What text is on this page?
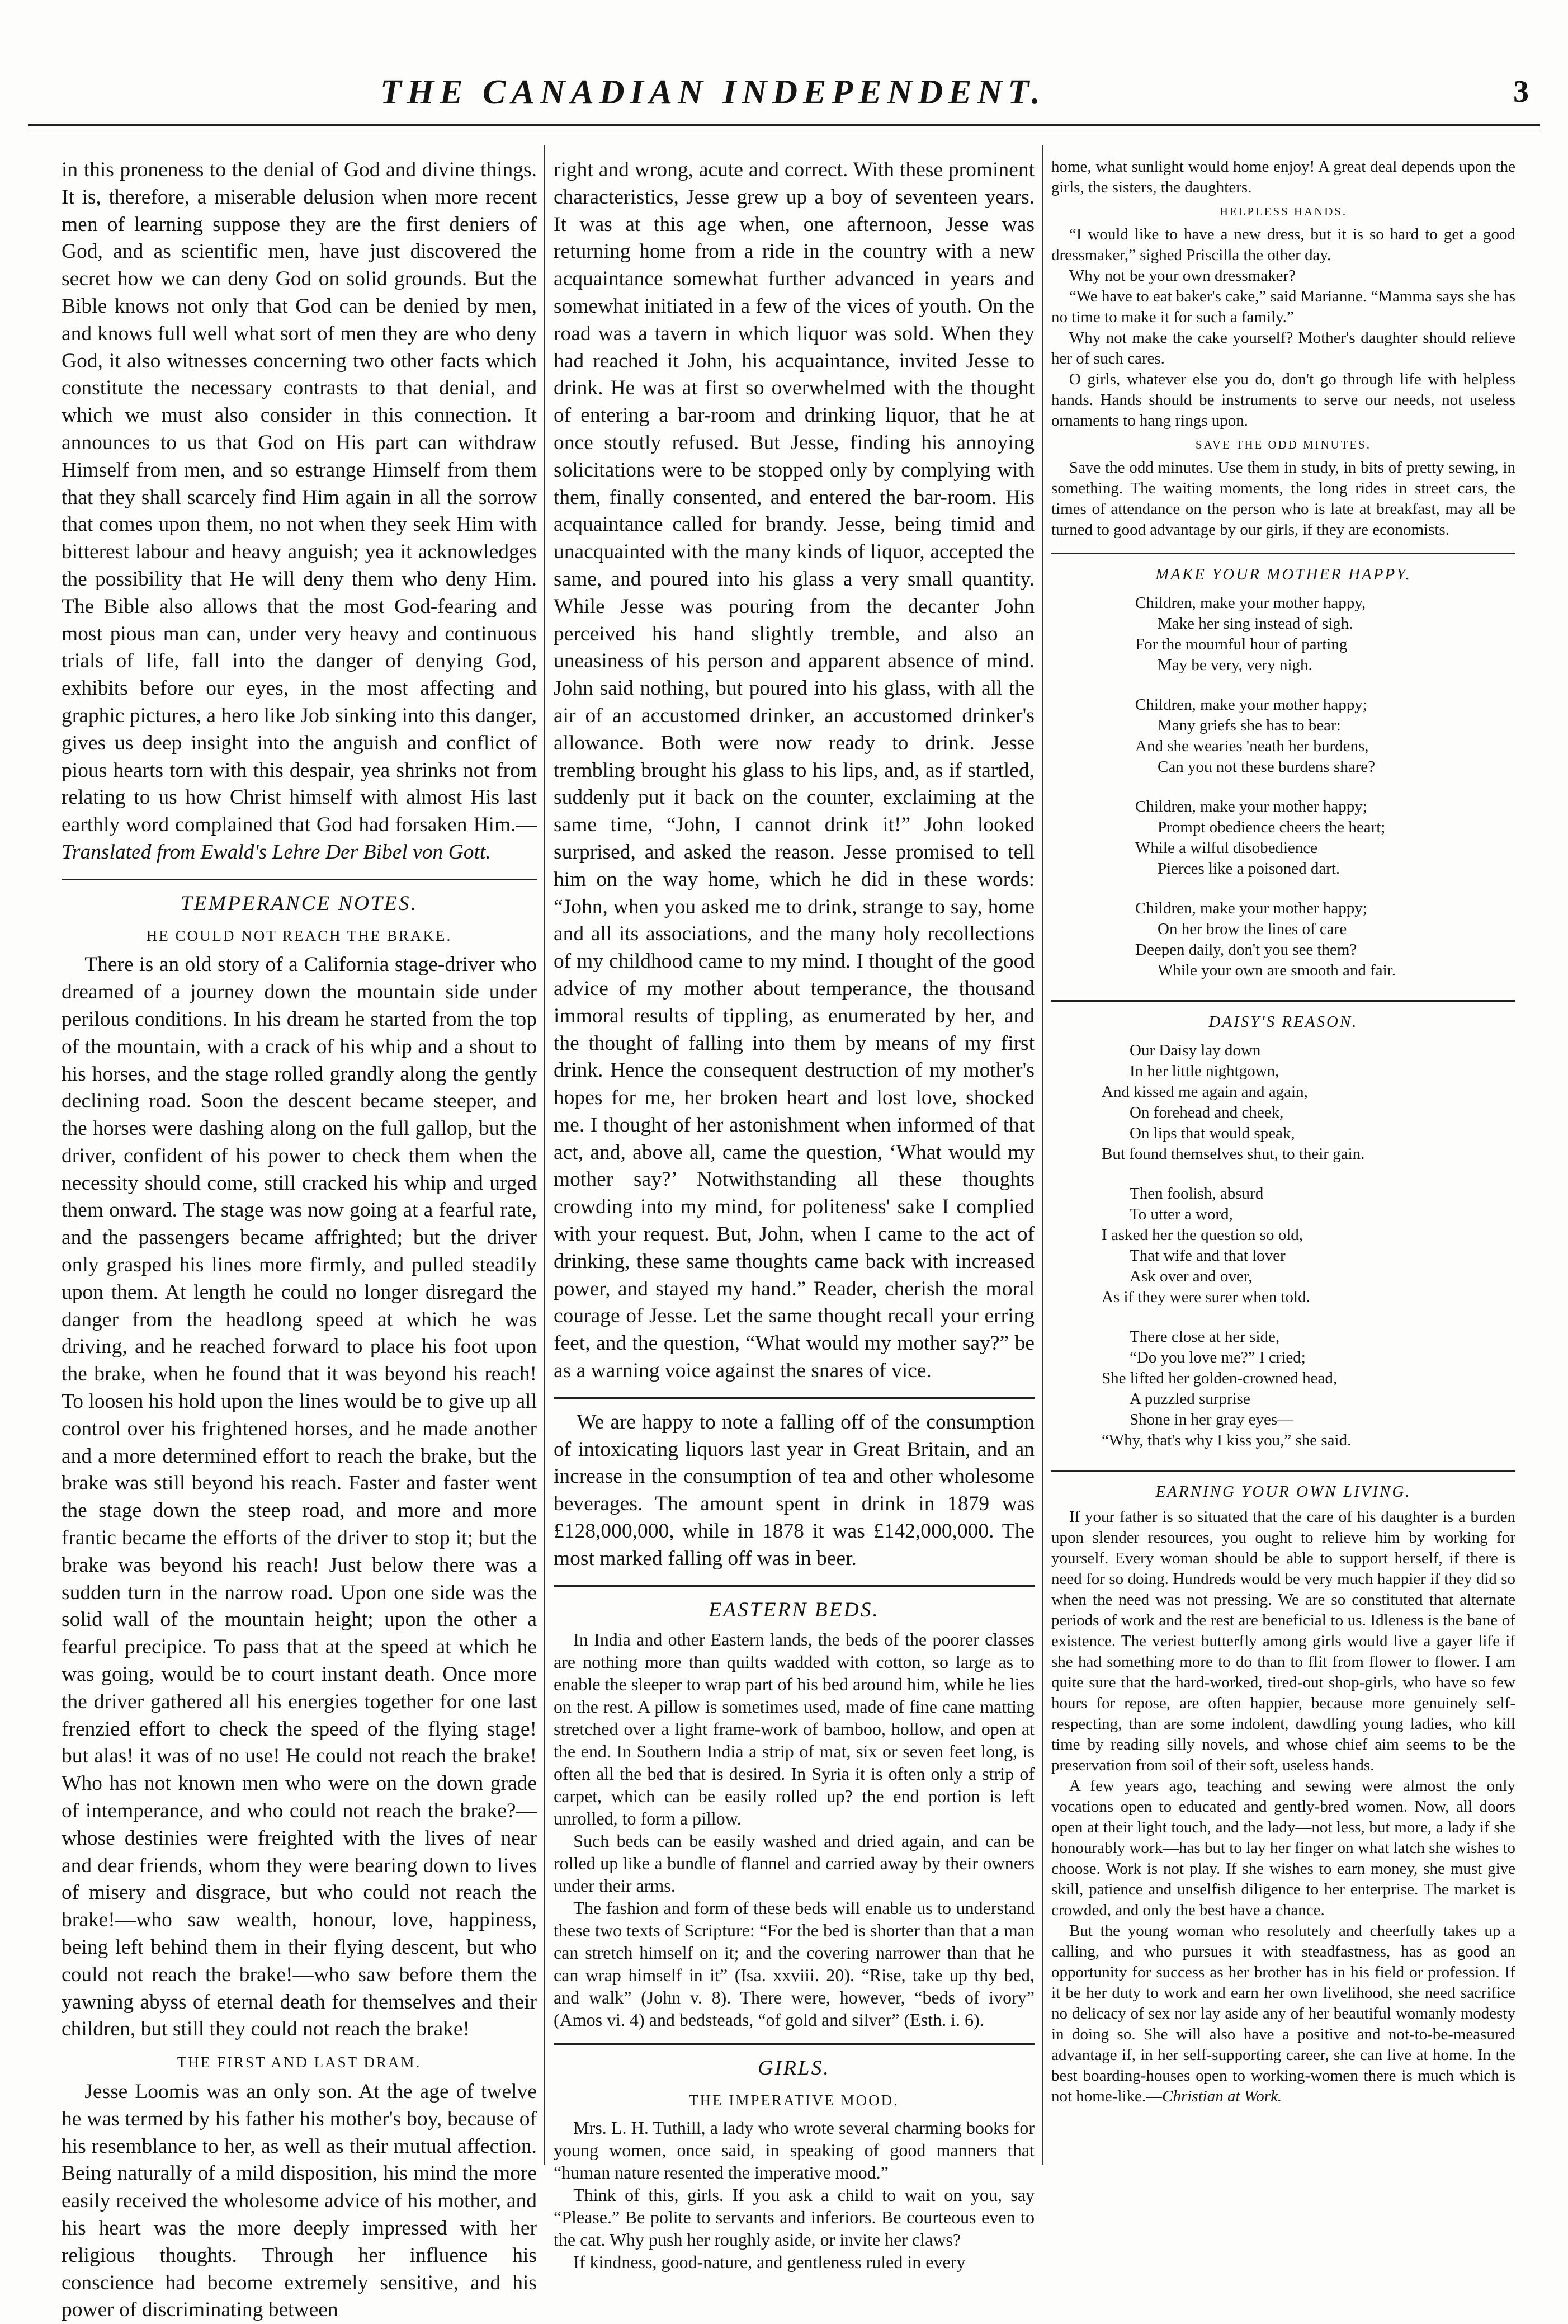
THE CANADIAN INDEPENDENT.	3

in this proneness to the denial of God and divine things. It is, therefore, a miserable delusion when more recent men of learning suppose they are the first deniers of God, and as scientific men, have just discovered the secret how we can deny God on solid grounds. But the Bible knows not only that God can be denied by men, and knows full well what sort of men they are who deny God, it also witnesses concerning two other facts which constitute the necessary contrasts to that denial, and which we must also consider in this connection. It announces to us that God on His part can withdraw Himself from men, and so estrange Himself from them that they shall scarcely find Him again in all the sorrow that comes upon them, no not when they seek Him with bitterest labour and heavy anguish; yea it acknowledges the possibility that He will deny them who deny Him. The Bible also allows that the most God-fearing and most pious man can, under very heavy and continuous trials of life, fall into the danger of denying God, exhibits before our eyes, in the most affecting and graphic pictures, a hero like Job sinking into this danger, gives us deep insight into the anguish and conflict of pious hearts torn with this despair, yea shrinks not from relating to us how Christ himself with almost His last earthly word complained that God had forsaken Him.—Translated from Ewald's Lehre Der Bibel von Gott.

TEMPERANCE NOTES.
HE COULD NOT REACH THE BRAKE.

There is an old story of a California stage-driver who dreamed of a journey down the mountain side under perilous conditions. In his dream he started from the top of the mountain, with a crack of his whip and a shout to his horses, and the stage rolled grandly along the gently declining road. Soon the descent became steeper, and the horses were dashing along on the full gallop, but the driver, confident of his power to check them when the necessity should come, still cracked his whip and urged them onward. The stage was now going at a fearful rate, and the passengers became affrighted; but the driver only grasped his lines more firmly, and pulled steadily upon them. At length he could no longer disregard the danger from the headlong speed at which he was driving, and he reached forward to place his foot upon the brake, when he found that it was beyond his reach! To loosen his hold upon the lines would be to give up all control over his frightened horses, and he made another and a more determined effort to reach the brake, but the brake was still beyond his reach. Faster and faster went the stage down the steep road, and more and more frantic became the efforts of the driver to stop it; but the brake was beyond his reach! Just below there was a sudden turn in the narrow road. Upon one side was the solid wall of the mountain height; upon the other a fearful precipice. To pass that at the speed at which he was going, would be to court instant death. Once more the driver gathered all his energies together for one last frenzied effort to check the speed of the flying stage! but alas! it was of no use! He could not reach the brake! Who has not known men who were on the down grade of intemperance, and who could not reach the brake?—whose destinies were freighted with the lives of near and dear friends, whom they were bearing down to lives of misery and disgrace, but who could not reach the brake!—who saw wealth, honour, love, happiness, being left behind them in their flying descent, but who could not reach the brake!—who saw before them the yawning abyss of eternal death for themselves and their children, but still they could not reach the brake!

THE FIRST AND LAST DRAM.

Jesse Loomis was an only son. At the age of twelve he was termed by his father his mother's boy, because of his resemblance to her, as well as their mutual affection. Being naturally of a mild disposition, his mind the more easily received the wholesome advice of his mother, and his heart was the more deeply impressed with her religious thoughts. Through her influence his conscience had become extremely sensitive, and his power of discriminating between

right and wrong, acute and correct. With these prominent characteristics, Jesse grew up a boy of seventeen years. It was at this age when, one afternoon, Jesse was returning home from a ride in the country with a new acquaintance somewhat further advanced in years and somewhat initiated in a few of the vices of youth. On the road was a tavern in which liquor was sold. When they had reached it John, his acquaintance, invited Jesse to drink. He was at first so overwhelmed with the thought of entering a bar-room and drinking liquor, that he at once stoutly refused. But Jesse, finding his annoying solicitations were to be stopped only by complying with them, finally consented, and entered the bar-room. His acquaintance called for brandy. Jesse, being timid and unacquainted with the many kinds of liquor, accepted the same, and poured into his glass a very small quantity. While Jesse was pouring from the decanter John perceived his hand slightly tremble, and also an uneasiness of his person and apparent absence of mind. John said nothing, but poured into his glass, with all the air of an accustomed drinker, an accustomed drinker's allowance. Both were now ready to drink. Jesse trembling brought his glass to his lips, and, as if startled, suddenly put it back on the counter, exclaiming at the same time, “John, I cannot drink it!” John looked surprised, and asked the reason. Jesse promised to tell him on the way home, which he did in these words: “John, when you asked me to drink, strange to say, home and all its associations, and the many holy recollections of my childhood came to my mind. I thought of the good advice of my mother about temperance, the thousand immoral results of tippling, as enumerated by her, and the thought of falling into them by means of my first drink. Hence the consequent destruction of my mother's hopes for me, her broken heart and lost love, shocked me. I thought of her astonishment when informed of that act, and, above all, came the question, ‘What would my mother say?’ Notwithstanding all these thoughts crowding into my mind, for politeness' sake I complied with your request. But, John, when I came to the act of drinking, these same thoughts came back with increased power, and stayed my hand.” Reader, cherish the moral courage of Jesse. Let the same thought recall your erring feet, and the question, “What would my mother say?” be as a warning voice against the snares of vice.

We are happy to note a falling off of the consumption of intoxicating liquors last year in Great Britain, and an increase in the consumption of tea and other wholesome beverages. The amount spent in drink in 1879 was £128,000,000, while in 1878 it was £142,000,000. The most marked falling off was in beer.

EASTERN BEDS.

In India and other Eastern lands, the beds of the poorer classes are nothing more than quilts wadded with cotton, so large as to enable the sleeper to wrap part of his bed around him, while he lies on the rest. A pillow is sometimes used, made of fine cane matting stretched over a light frame-work of bamboo, hollow, and open at the end. In Southern India a strip of mat, six or seven feet long, is often all the bed that is desired. In Syria it is often only a strip of carpet, which can be easily rolled up? the end portion is left unrolled, to form a pillow.

Such beds can be easily washed and dried again, and can be rolled up like a bundle of flannel and carried away by their owners under their arms.

The fashion and form of these beds will enable us to understand these two texts of Scripture: “For the bed is shorter than that a man can stretch himself on it; and the covering narrower than that he can wrap himself in it” (Isa. xxviii. 20). “Rise, take up thy bed, and walk” (John v. 8). There were, however, “beds of ivory” (Amos vi. 4) and bedsteads, “of gold and silver” (Esth. i. 6).

GIRLS.
THE IMPERATIVE MOOD.

Mrs. L. H. Tuthill, a lady who wrote several charming books for young women, once said, in speaking of good manners that “human nature resented the imperative mood.”

Think of this, girls. If you ask a child to wait on you, say “Please.” Be polite to servants and inferiors. Be courteous even to the cat. Why push her roughly aside, or invite her claws?

If kindness, good-nature, and gentleness ruled in every

home, what sunlight would home enjoy! A great deal depends upon the girls, the sisters, the daughters.

HELPLESS HANDS.

“I would like to have a new dress, but it is so hard to get a good dressmaker,” sighed Priscilla the other day.

Why not be your own dressmaker?

“We have to eat baker's cake,” said Marianne. “Mamma says she has no time to make it for such a family.”

Why not make the cake yourself? Mother's daughter should relieve her of such cares.

O girls, whatever else you do, don't go through life with helpless hands. Hands should be instruments to serve our needs, not useless ornaments to hang rings upon.

SAVE THE ODD MINUTES.

Save the odd minutes. Use them in study, in bits of pretty sewing, in something. The waiting moments, the long rides in street cars, the times of attendance on the person who is late at breakfast, may all be turned to good advantage by our girls, if they are economists.

MAKE YOUR MOTHER HAPPY.
Children, make your mother happy,
Make her sing instead of sigh.
For the mournful hour of parting
May be very, very nigh.
Children, make your mother happy;
Many griefs she has to bear:
And she wearies 'neath her burdens,
Can you not these burdens share?
Children, make your mother happy;
Prompt obedience cheers the heart;
While a wilful disobedience
Pierces like a poisoned dart.
Children, make your mother happy;
On her brow the lines of care
Deepen daily, don't you see them?
While your own are smooth and fair.
DAISY'S REASON.
Our Daisy lay down
In her little nightgown,
And kissed me again and again,
On forehead and cheek,
On lips that would speak,
But found themselves shut, to their gain.
Then foolish, absurd
To utter a word,
I asked her the question so old,
That wife and that lover
Ask over and over,
As if they were surer when told.
There close at her side,
“Do you love me?” I cried;
She lifted her golden-crowned head,
A puzzled surprise
Shone in her gray eyes—
“Why, that's why I kiss you,” she said.
EARNING YOUR OWN LIVING.

If your father is so situated that the care of his daughter is a burden upon slender resources, you ought to relieve him by working for yourself. Every woman should be able to support herself, if there is need for so doing. Hundreds would be very much happier if they did so when the need was not pressing. We are so constituted that alternate periods of work and the rest are beneficial to us. Idleness is the bane of existence. The veriest butterfly among girls would live a gayer life if she had something more to do than to flit from flower to flower. I am quite sure that the hard-worked, tired-out shop-girls, who have so few hours for repose, are often happier, because more genuinely self-respecting, than are some indolent, dawdling young ladies, who kill time by reading silly novels, and whose chief aim seems to be the preservation from soil of their soft, useless hands.

A few years ago, teaching and sewing were almost the only vocations open to educated and gently-bred women. Now, all doors open at their light touch, and the lady—not less, but more, a lady if she honourably work—has but to lay her finger on what latch she wishes to choose. Work is not play. If she wishes to earn money, she must give skill, patience and unselfish diligence to her enterprise. The market is crowded, and only the best have a chance.

But the young woman who resolutely and cheerfully takes up a calling, and who pursues it with steadfastness, has as good an opportunity for success as her brother has in his field or profession. If it be her duty to work and earn her own livelihood, she need sacrifice no delicacy of sex nor lay aside any of her beautiful womanly modesty in doing so. She will also have a positive and not-to-be-measured advantage if, in her self-supporting career, she can live at home. In the best boarding-houses open to working-women there is much which is not home-like.—Christian at Work.
